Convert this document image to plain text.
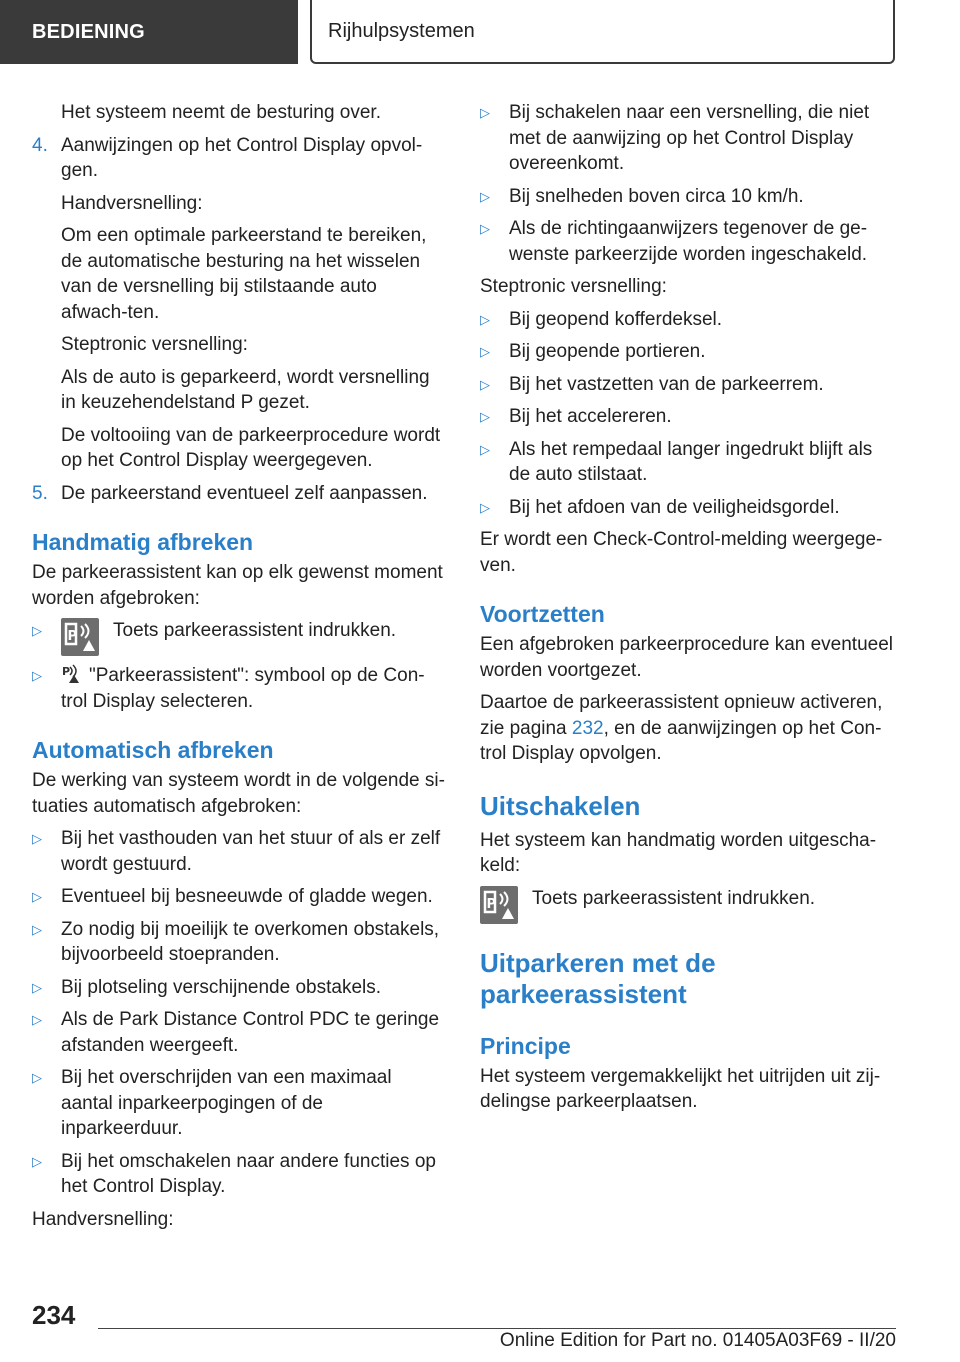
BEDIENING	Rijhulpsystemen

Het systeem neemt de besturing over.

4. Aanwijzingen op het Control Display opvol-gen.

Handversnelling:

Om een optimale parkeerstand te bereiken, de automatische besturing na het wisselen van de versnelling bij stilstaande auto afwach-ten.

Steptronic versnelling:

Als de auto is geparkeerd, wordt versnelling in keuzehendelstand P gezet.

De voltooiing van de parkeerprocedure wordt op het Control Display weergegeven.

5. De parkeerstand eventueel zelf aanpassen.
Handmatig afbreken

De parkeerassistent kan op elk gewenst moment worden afgebroken:

▷	P Toets parkeerassistent indrukken.
▷	P "Parkeerassistent": symbool op de Con-trol Display selecteren.
Automatisch afbreken

De werking van systeem wordt in de volgende si-tuaties automatisch afgebroken:

▷	Bij het vasthouden van het stuur of als er zelf wordt gestuurd.
▷	Eventueel bij besneeuwde of gladde wegen.
▷	Zo nodig bij moeilijk te overkomen obstakels, bijvoorbeeld stoepranden.
▷	Bij plotseling verschijnende obstakels.
▷	Als de Park Distance Control PDC te geringe afstanden weergeeft.
▷	Bij het overschrijden van een maximaal aantal inparkeerpogingen of de inparkeerduur.
▷	Bij het omschakelen naar andere functies op het Control Display.

Handversnelling:

▷	Bij schakelen naar een versnelling, die niet met de aanwijzing op het Control Display overeenkomt.
▷	Bij snelheden boven circa 10 km/h.
▷	Als de richtingaanwijzers tegenover de ge-wenste parkeerzijde worden ingeschakeld.

Steptronic versnelling:

▷	Bij geopend kofferdeksel.
▷	Bij geopende portieren.
▷	Bij het vastzetten van de parkeerrem.
▷	Bij het accelereren.
▷	Als het rempedaal langer ingedrukt blijft als de auto stilstaat.
▷	Bij het afdoen van de veiligheidsgordel.

Er wordt een Check-Control-melding weergege-ven.

Voortzetten

Een afgebroken parkeerprocedure kan eventueel worden voortgezet.

Daartoe de parkeerassistent opnieuw activeren, zie pagina 232, en de aanwijzingen op het Con-trol Display opvolgen.

Uitschakelen

Het systeem kan handmatig worden uitgescha-keld:

P Toets parkeerassistent indrukken.
Uitparkeren met de parkeerassistent
Principe

Het systeem vergemakkelijkt het uitrijden uit zij-delingse parkeerplaatsen.

234
Online Edition for Part no. 01405A03F69 - II/20
